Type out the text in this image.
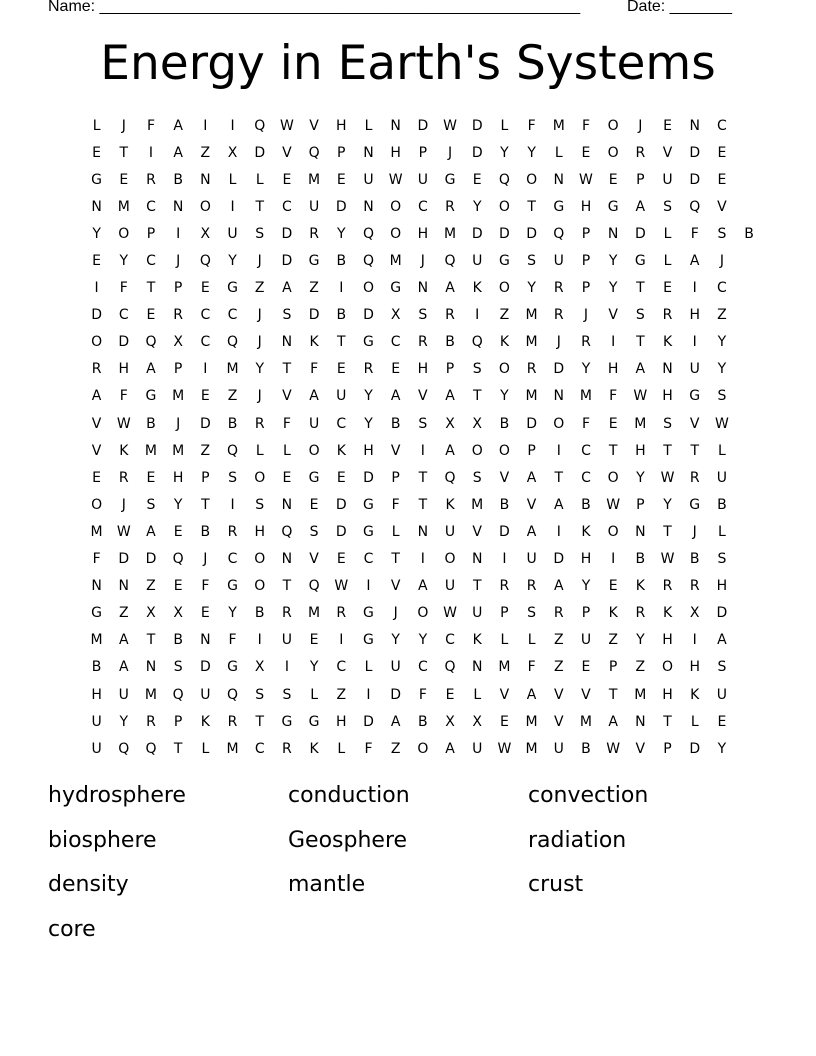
Name: ______________________________________________________	Date: _______
Energy in Earth's Systems
L	J	F	A	I	I	Q	W	V	H	L	N	D	W	D	L	F	M	F	O	J	E	N	C
E	T	I	A	Z	X	D	V	Q	P	N	H	P	J	D	Y	Y	L	E	O	R	V	D	E
G	E	R	B	N	L	L	E	M	E	U	W	U	G	E	Q	O	N	W	E	P	U	D	E
N	M	C	N	O	I	T	C	U	D	N	O	C	R	Y	O	T	G	H	G	A	S	Q	V
Y	O	P	I	X	U	S	D	R	Y	Q	O	H	M	D	D	D	Q	P	N	D	L	F	S	B
E	Y	C	J	Q	Y	J	D	G	B	Q	M	J	Q	U	G	S	U	P	Y	G	L	A	J
I	F	T	P	E	G	Z	A	Z	I	O	G	N	A	K	O	Y	R	P	Y	T	E	I	C
D	C	E	R	C	C	J	S	D	B	D	X	S	R	I	Z	M	R	J	V	S	R	H	Z
O	D	Q	X	C	Q	J	N	K	T	G	C	R	B	Q	K	M	J	R	I	T	K	I	Y
R	H	A	P	I	M	Y	T	F	E	R	E	H	P	S	O	R	D	Y	H	A	N	U	Y
A	F	G	M	E	Z	J	V	A	U	Y	A	V	A	T	Y	M	N	M	F	W	H	G	S
V	W	B	J	D	B	R	F	U	C	Y	B	S	X	X	B	D	O	F	E	M	S	V	W
V	K	M	M	Z	Q	L	L	O	K	H	V	I	A	O	O	P	I	C	T	H	T	T	L
E	R	E	H	P	S	O	E	G	E	D	P	T	Q	S	V	A	T	C	O	Y	W	R	U
O	J	S	Y	T	I	S	N	E	D	G	F	T	K	M	B	V	A	B	W	P	Y	G	B
M	W	A	E	B	R	H	Q	S	D	G	L	N	U	V	D	A	I	K	O	N	T	J	L
F	D	D	Q	J	C	O	N	V	E	C	T	I	O	N	I	U	D	H	I	B	W	B	S
N	N	Z	E	F	G	O	T	Q	W	I	V	A	U	T	R	R	A	Y	E	K	R	R	H
G	Z	X	X	E	Y	B	R	M	R	G	J	O	W	U	P	S	R	P	K	R	K	X	D
M	A	T	B	N	F	I	U	E	I	G	Y	Y	C	K	L	L	Z	U	Z	Y	H	I	A
B	A	N	S	D	G	X	I	Y	C	L	U	C	Q	N	M	F	Z	E	P	Z	O	H	S
H	U	M	Q	U	Q	S	S	L	Z	I	D	F	E	L	V	A	V	V	T	M	H	K	U
U	Y	R	P	K	R	T	G	G	H	D	A	B	X	X	E	M	V	M	A	N	T	L	E
U	Q	Q	T	L	M	C	R	K	L	F	Z	O	A	U	W	M	U	B	W	V	P	D	Y
hydrosphere	conduction	convection
biosphere	Geosphere	radiation
density	mantle	crust
core
